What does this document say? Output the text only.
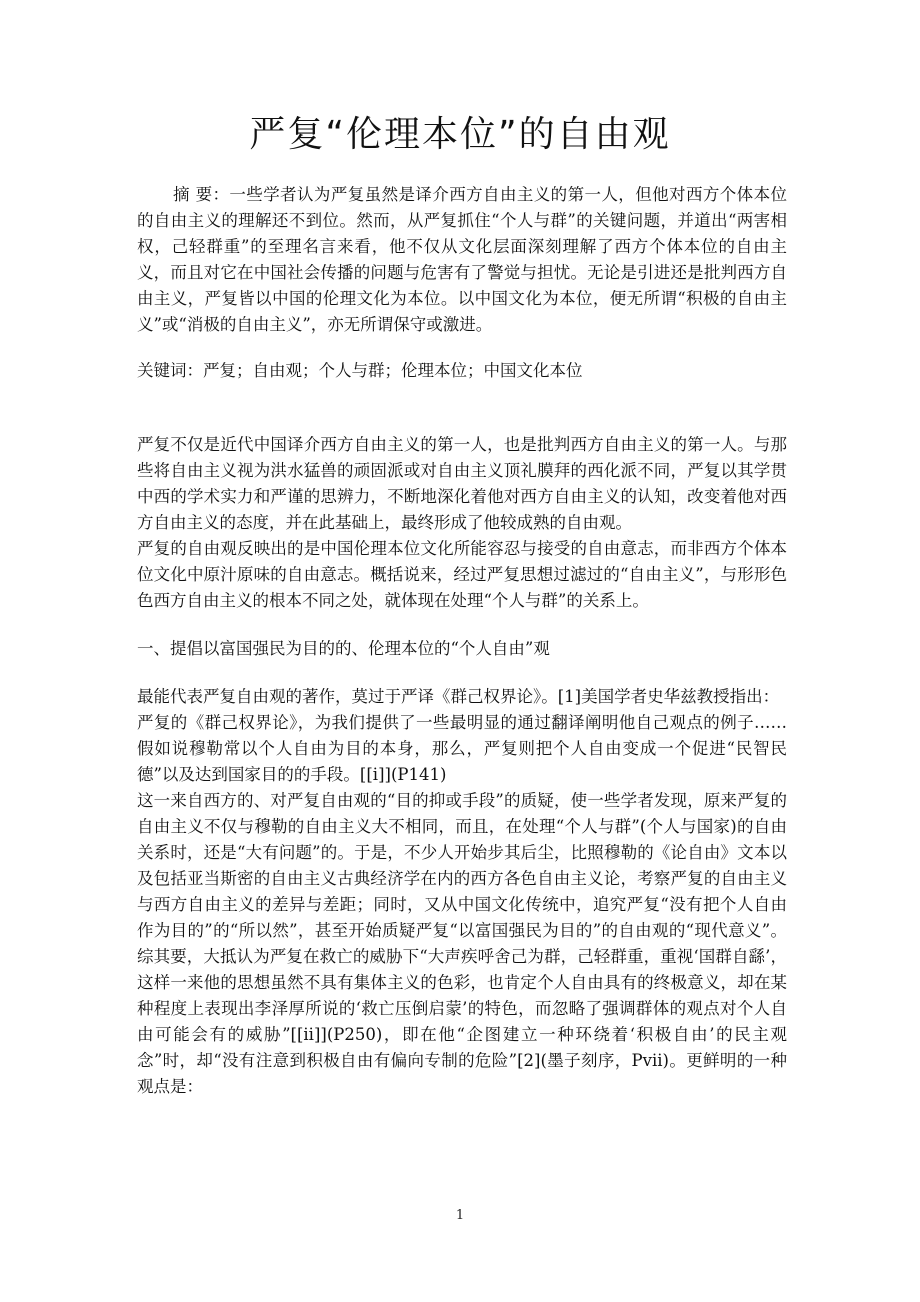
严复“伦理本位”的自由观

摘 要：一些学者认为严复虽然是译介西方自由主义的第一人，但他对西方个体本位的自由主义的理解还不到位。然而，从严复抓住“个人与群”的关键问题，并道出“两害相权，己轻群重”的至理名言来看，他不仅从文化层面深刻理解了西方个体本位的自由主义，而且对它在中国社会传播的问题与危害有了警觉与担忧。无论是引进还是批判西方自由主义，严复皆以中国的伦理文化为本位。以中国文化为本位，便无所谓“积极的自由主义”或“消极的自由主义”，亦无所谓保守或激进。

关键词：严复；自由观；个人与群；伦理本位；中国文化本位

严复不仅是近代中国译介西方自由主义的第一人，也是批判西方自由主义的第一人。与那些将自由主义视为洪水猛兽的顽固派或对自由主义顶礼膜拜的西化派不同，严复以其学贯中西的学术实力和严谨的思辨力，不断地深化着他对西方自由主义的认知，改变着他对西方自由主义的态度，并在此基础上，最终形成了他较成熟的自由观。

严复的自由观反映出的是中国伦理本位文化所能容忍与接受的自由意志，而非西方个体本位文化中原汁原味的自由意志。概括说来，经过严复思想过滤过的“自由主义”，与形形色色西方自由主义的根本不同之处，就体现在处理“个人与群”的关系上。

一、提倡以富国强民为目的的、伦理本位的“个人自由”观

最能代表严复自由观的著作，莫过于严译《群己权界论》。[1]美国学者史华兹教授指出：

严复的《群己权界论》，为我们提供了一些最明显的通过翻译阐明他自己观点的例子……假如说穆勒常以个人自由为目的本身，那么，严复则把个人自由变成一个促进“民智民德”以及达到国家目的的手段。[[i]](P141)

这一来自西方的、对严复自由观的“目的抑或手段”的质疑，使一些学者发现，原来严复的自由主义不仅与穆勒的自由主义大不相同，而且，在处理“个人与群”(个人与国家)的自由关系时，还是“大有问题”的。于是，不少人开始步其后尘，比照穆勒的《论自由》文本以及包括亚当斯密的自由主义古典经济学在内的西方各色自由主义论，考察严复的自由主义与西方自由主义的差异与差距；同时，又从中国文化传统中，追究严复“没有把个人自由作为目的”的“所以然”，甚至开始质疑严复“以富国强民为目的”的自由观的“现代意义”。综其要，大抵认为严复在救亡的威胁下“大声疾呼舍己为群，己轻群重，重视‘国群自繇’，这样一来他的思想虽然不具有集体主义的色彩，也肯定个人自由具有的终极意义，却在某种程度上表现出李泽厚所说的‘救亡压倒启蒙’的特色，而忽略了强调群体的观点对个人自由可能会有的威胁”[[ii]](P250)，即在他“企图建立一种环绕着‘积极自由’的民主观念”时，却“没有注意到积极自由有偏向专制的危险”[2](墨子刻序，Pvii)。更鲜明的一种观点是：

1
